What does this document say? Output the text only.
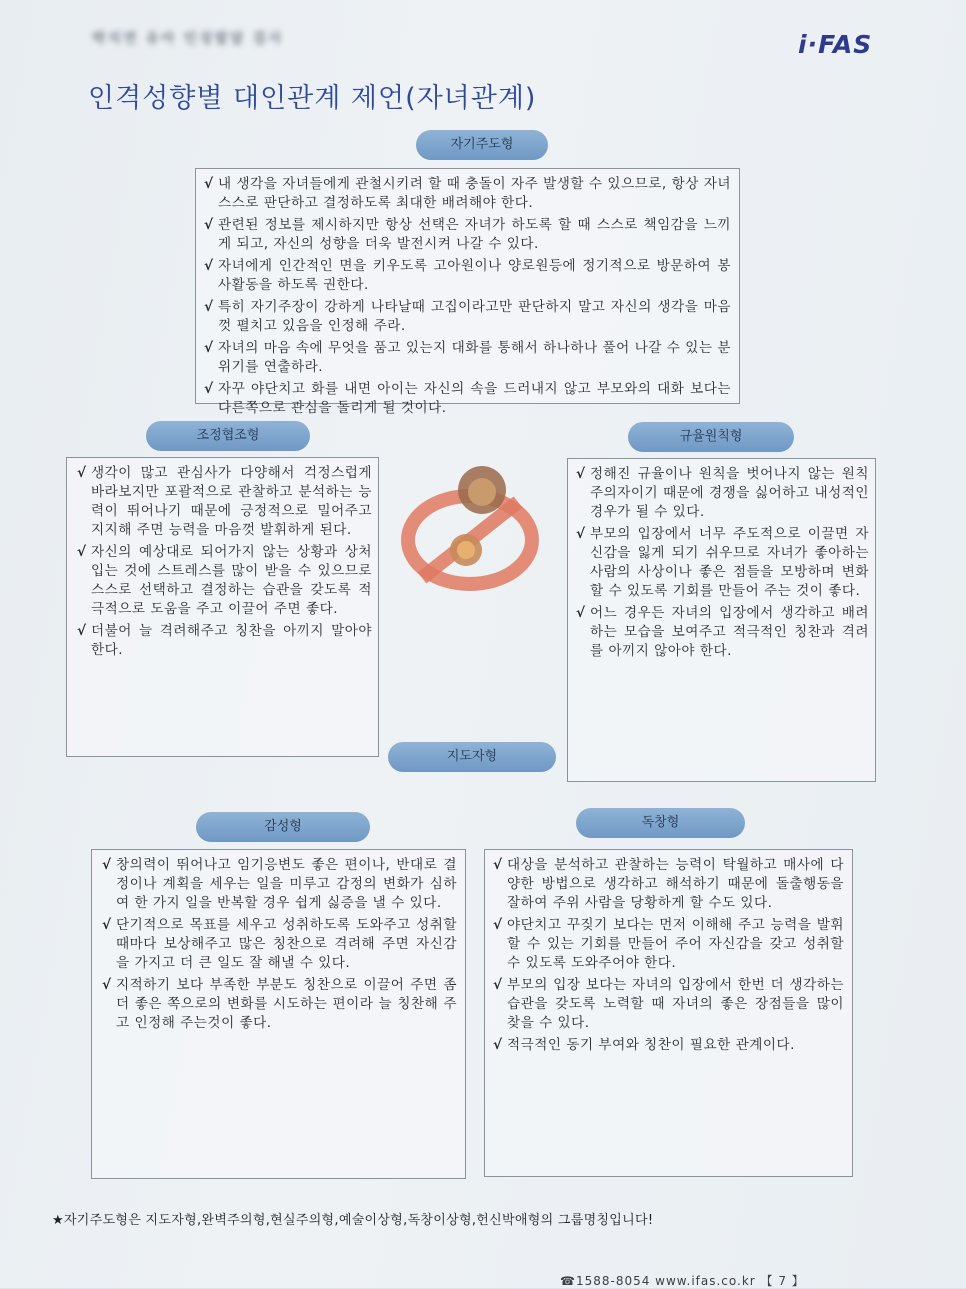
박지연 유아 인성발달 검사	i·FAS
인격성향별 대인관계 제언(자녀관계)
자기주도형
√ 내 생각을 자녀들에게 관철시키려 할 때 충돌이 자주 발생할 수 있으므로, 항상 자녀 스스로 판단하고 결정하도록 최대한 배려해야 한다.
√ 관련된 정보를 제시하지만 항상 선택은 자녀가 하도록 할 때 스스로 책임감을 느끼게 되고, 자신의 성향을 더욱 발전시켜 나갈 수 있다.
√ 자녀에게 인간적인 면을 키우도록 고아원이나 양로원등에 정기적으로 방문하여 봉사활동을 하도록 권한다.
√ 특히 자기주장이 강하게 나타날때 고집이라고만 판단하지 말고 자신의 생각을 마음껏 펼치고 있음을 인정해 주라.
√ 자녀의 마음 속에 무엇을 품고 있는지 대화를 통해서 하나하나 풀어 나갈 수 있는 분위기를 연출하라.
√ 자꾸 야단치고 화를 내면 아이는 자신의 속을 드러내지 않고 부모와의 대화 보다는 다른쪽으로 관심을 돌리게 될 것이다.
조정협조형
√ 생각이 많고 관심사가 다양해서 걱정스럽게 바라보지만 포괄적으로 관찰하고 분석하는 능력이 뛰어나기 때문에 긍정적으로 밀어주고 지지해 주면 능력을 마음껏 발휘하게 된다.
√ 자신의 예상대로 되어가지 않는 상황과 상처입는 것에 스트레스를 많이 받을 수 있으므로 스스로 선택하고 결정하는 습관을 갖도록 적극적으로 도움을 주고 이끌어 주면 좋다.
√ 더불어 늘 격려해주고 칭찬을 아끼지 말아야 한다.
규율원칙형
√ 정해진 규율이나 원칙을 벗어나지 않는 원칙주의자이기 때문에 경쟁을 싫어하고 내성적인 경우가 될 수 있다.
√ 부모의 입장에서 너무 주도적으로 이끌면 자신감을 잃게 되기 쉬우므로 자녀가 좋아하는 사람의 사상이나 좋은 점들을 모방하며 변화할 수 있도록 기회를 만들어 주는 것이 좋다.
√ 어느 경우든 자녀의 입장에서 생각하고 배려하는 모습을 보여주고 적극적인 칭찬과 격려를 아끼지 않아야 한다.
지도자형
감성형
√ 창의력이 뛰어나고 임기응변도 좋은 편이나, 반대로 결정이나 계획을 세우는 일을 미루고 감정의 변화가 심하여 한 가지 일을 반복할 경우 쉽게 싫증을 낼 수 있다.
√ 단기적으로 목표를 세우고 성취하도록 도와주고 성취할때마다 보상해주고 많은 칭찬으로 격려해 주면 자신감을 가지고 더 큰 일도 잘 해낼 수 있다.
√ 지적하기 보다 부족한 부분도 칭찬으로 이끌어 주면 좀 더 좋은 쪽으로의 변화를 시도하는 편이라 늘 칭찬해 주고 인정해 주는것이 좋다.
독창형
√ 대상을 분석하고 관찰하는 능력이 탁월하고 매사에 다양한 방법으로 생각하고 해석하기 때문에 돌출행동을 잘하여 주위 사람을 당황하게 할 수도 있다.
√ 야단치고 꾸짖기 보다는 먼저 이해해 주고 능력을 발휘할 수 있는 기회를 만들어 주어 자신감을 갖고 성취할 수 있도록 도와주어야 한다.
√ 부모의 입장 보다는 자녀의 입장에서 한번 더 생각하는 습관을 갖도록 노력할 때 자녀의 좋은 장점들을 많이 찾을 수 있다.
√ 적극적인 동기 부여와 칭찬이 필요한 관계이다.
★자기주도형은 지도자형,완벽주의형,현실주의형,예술이상형,독창이상형,헌신박애형의 그룹명칭입니다!
☎1588-8054 www.ifas.co.kr 【 7 】
